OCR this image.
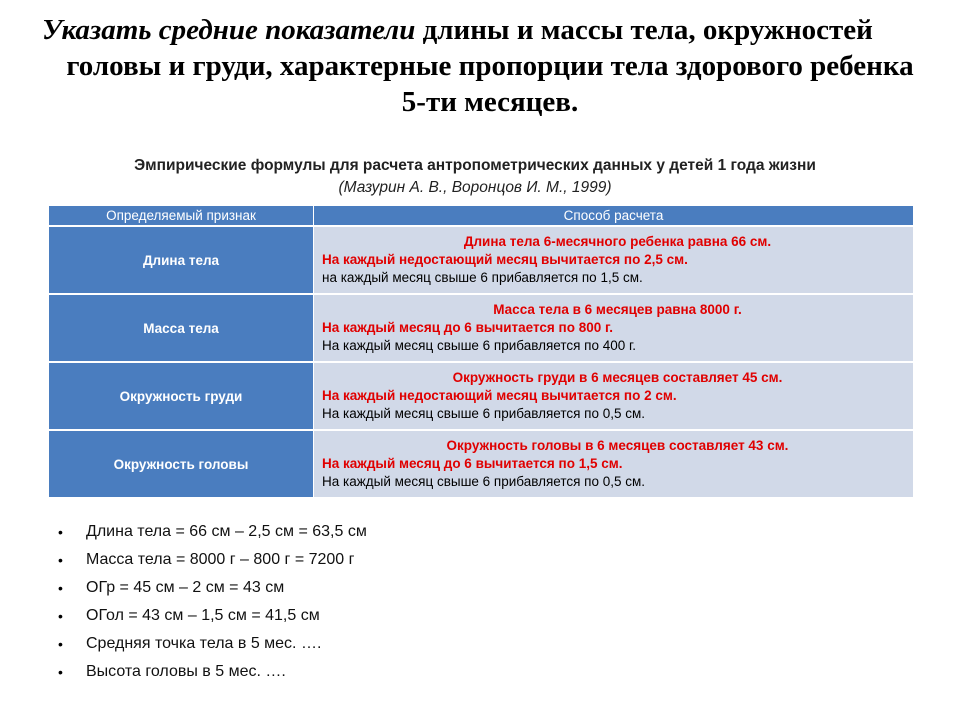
Указать средние показатели длины и массы тела, окружностей
головы и груди, характерные пропорции тела здорового ребенка
5-ти месяцев.
Эмпирические формулы для расчета антропометрических данных у детей 1 года жизни
(Мазурин А. В., Воронцов И. М., 1999)
Определяемый признак	Способ расчета
Длина тела	Длина тела 6-месячного ребенка равна 66 см.
На каждый недостающий месяц вычитается по 2,5 см.
на каждый месяц свыше 6 прибавляется по 1,5 см.

Масса тела	Масса тела в 6 месяцев равна 8000 г.
На каждый месяц до 6 вычитается по 800 г.
На каждый месяц свыше 6 прибавляется по 400 г.

Окружность груди	Окружность груди в 6 месяцев составляет 45 см.
На каждый недостающий месяц вычитается по 2 см.
На каждый месяц свыше 6 прибавляется по 0,5 см.

Окружность головы	Окружность головы в 6 месяцев составляет 43 см.
На каждый месяц до 6 вычитается по 1,5 см.
На каждый месяц свыше 6 прибавляется по 0,5 см.
• Длина тела = 66 см – 2,5 см = 63,5 см
• Масса тела = 8000 г – 800 г = 7200 г
• ОГр = 45 см – 2 см = 43 см
• ОГол = 43 см – 1,5 см = 41,5 см
• Средняя точка тела в 5 мес. ….
• Высота головы в 5 мес. ….
